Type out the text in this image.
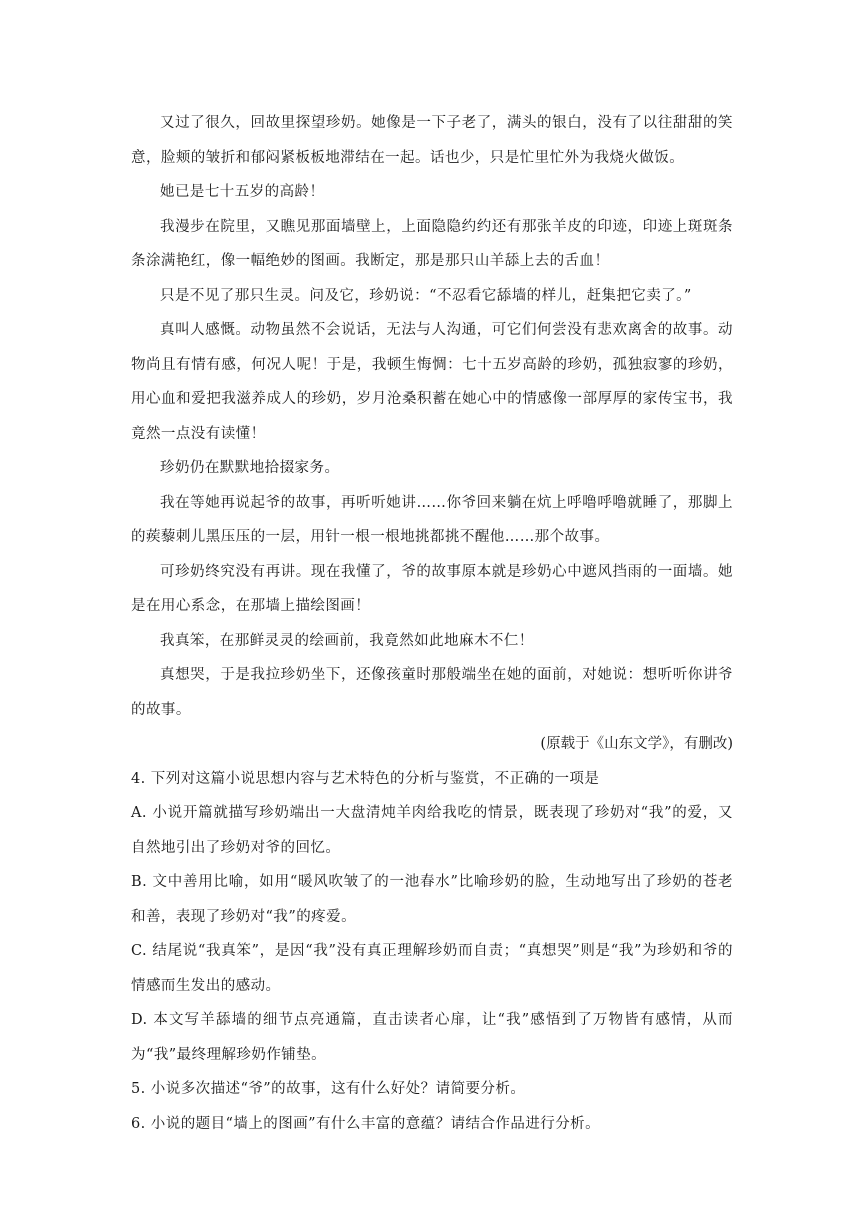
又过了很久，回故里探望珍奶。她像是一下子老了，满头的银白，没有了以往甜甜的笑意，脸颊的皱折和郁闷紧板板地滞结在一起。话也少，只是忙里忙外为我烧火做饭。

她已是七十五岁的高龄！

我漫步在院里，又瞧见那面墙壁上，上面隐隐约约还有那张羊皮的印迹，印迹上斑斑条条涂满艳红，像一幅绝妙的图画。我断定，那是那只山羊舔上去的舌血！

只是不见了那只生灵。问及它，珍奶说：“不忍看它舔墙的样儿，赶集把它卖了。”

真叫人感慨。动物虽然不会说话，无法与人沟通，可它们何尝没有悲欢离舍的故事。动物尚且有情有感，何况人呢！于是，我顿生悔惆：七十五岁高龄的珍奶，孤独寂寥的珍奶，用心血和爱把我滋养成人的珍奶，岁月沧桑积蓄在她心中的情感像一部厚厚的家传宝书，我竟然一点没有读懂！

珍奶仍在默默地拾掇家务。

我在等她再说起爷的故事，再听听她讲……你爷回来躺在炕上呼噜呼噜就睡了，那脚上的蒺藜刺儿黑压压的一层，用针一根一根地挑都挑不醒他……那个故事。

可珍奶终究没有再讲。现在我懂了，爷的故事原本就是珍奶心中遮风挡雨的一面墙。她是在用心系念，在那墙上描绘图画！

我真笨，在那鲜灵灵的绘画前，我竟然如此地麻木不仁！

真想哭，于是我拉珍奶坐下，还像孩童时那般端坐在她的面前，对她说：想听听你讲爷的故事。

(原载于《山东文学》，有删改)

4. 下列对这篇小说思想内容与艺术特色的分析与鉴赏，不正确的一项是

A. 小说开篇就描写珍奶端出一大盘清炖羊肉给我吃的情景，既表现了珍奶对“我”的爱，又自然地引出了珍奶对爷的回忆。

B. 文中善用比喻，如用“暖风吹皱了的一池春水”比喻珍奶的脸，生动地写出了珍奶的苍老和善，表现了珍奶对“我”的疼爱。

C. 结尾说“我真笨”，是因“我”没有真正理解珍奶而自责；“真想哭”则是“我”为珍奶和爷的情感而生发出的感动。

D. 本文写羊舔墙的细节点亮通篇，直击读者心扉，让“我”感悟到了万物皆有感情，从而为“我”最终理解珍奶作铺垫。

5. 小说多次描述“爷”的故事，这有什么好处？请简要分析。

6. 小说的题目“墙上的图画”有什么丰富的意蕴？请结合作品进行分析。
